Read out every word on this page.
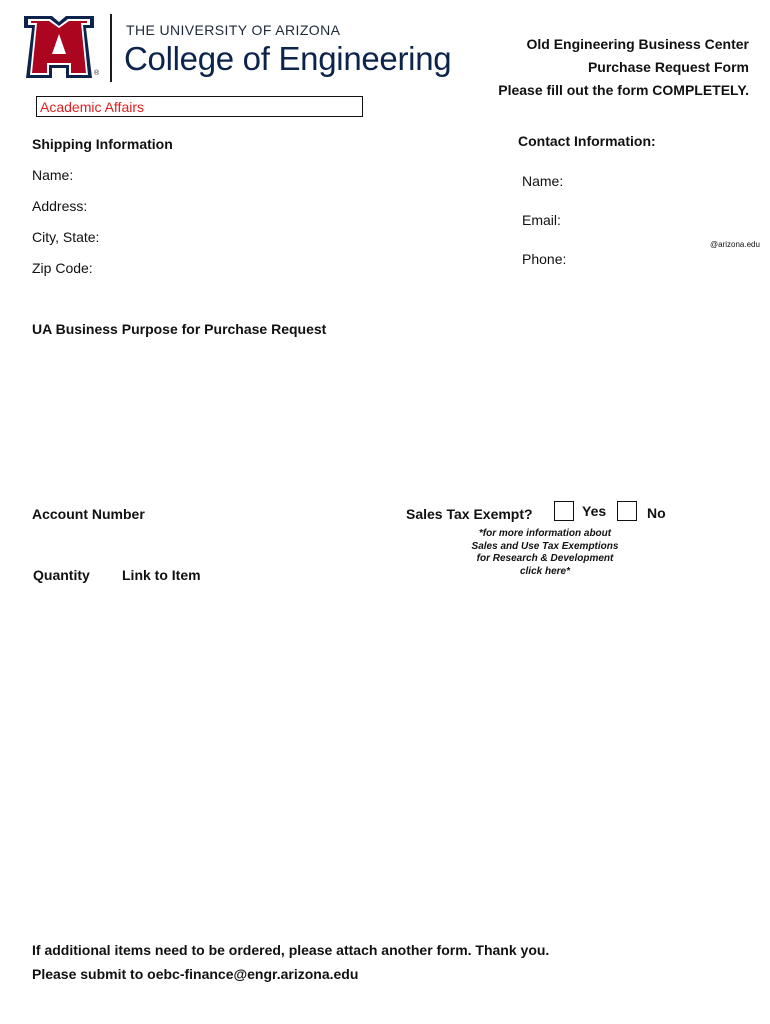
®
THE UNIVERSITY OF ARIZONA
College of Engineering	Old Engineering Business Center
Purchase Request Form
Please fill out the form COMPLETELY.
Academic Affairs
Shipping Information
Name:
Address:
City, State:
Zip Code:
Contact Information:
Name:
Email:
@arizona.edu
Phone:
UA Business Purpose for Purchase Request
Account Number	Sales Tax Exempt?	Yes	No
*for more information about
Sales and Use Tax Exemptions
for Research & Development
click here*
Quantity Link to Item
If additional items need to be ordered, please attach another form. Thank you.
Please submit to oebc-finance@engr.arizona.edu
